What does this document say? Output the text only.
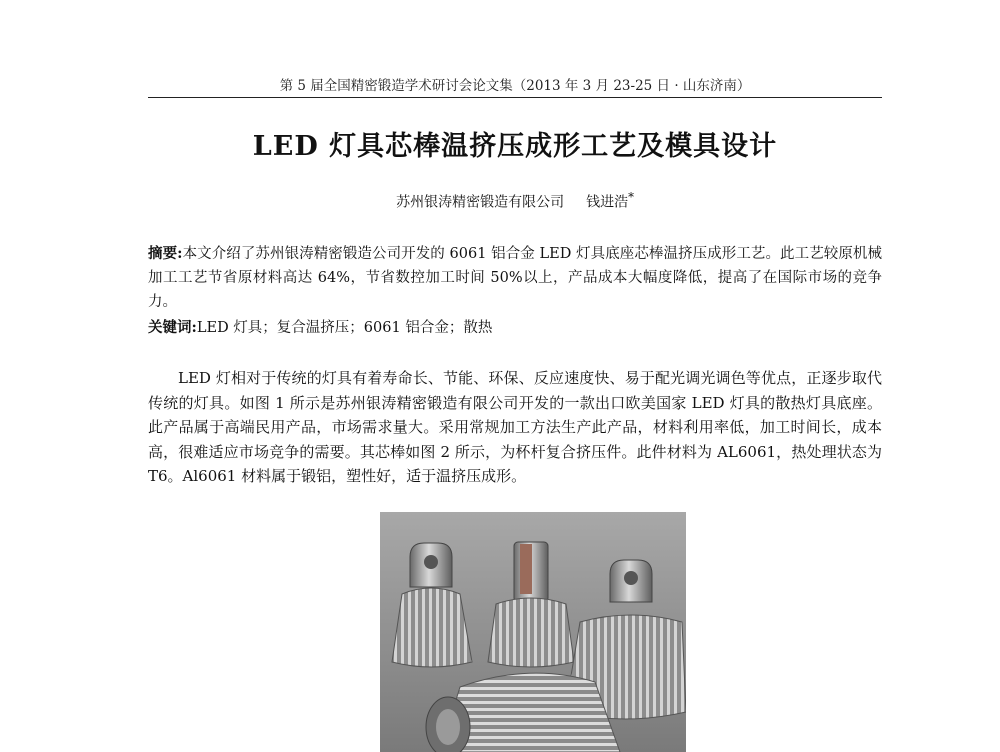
第 5 届全国精密锻造学术研讨会论文集（2013 年 3 月 23-25 日 · 山东济南）
LED 灯具芯棒温挤压成形工艺及模具设计
苏州银涛精密锻造有限公司 钱进浩*
摘要:本文介绍了苏州银涛精密锻造公司开发的 6061 铝合金 LED 灯具底座芯棒温挤压成形工艺。此工艺较原机械加工工艺节省原材料高达 64%，节省数控加工时间 50%以上，产品成本大幅度降低，提高了在国际市场的竞争力。
关键词:LED 灯具；复合温挤压；6061 铝合金；散热
LED 灯相对于传统的灯具有着寿命长、节能、环保、反应速度快、易于配光调光调色等优点，正逐步取代传统的灯具。如图 1 所示是苏州银涛精密锻造有限公司开发的一款出口欧美国家 LED 灯具的散热灯具底座。此产品属于高端民用产品，市场需求量大。采用常规加工方法生产此产品，材料利用率低，加工时间长，成本高，很难适应市场竞争的需要。其芯棒如图 2 所示，为杯杆复合挤压件。此件材料为 AL6061，热处理状态为 T6。Al6061 材料属于锻铝，塑性好，适于温挤压成形。
